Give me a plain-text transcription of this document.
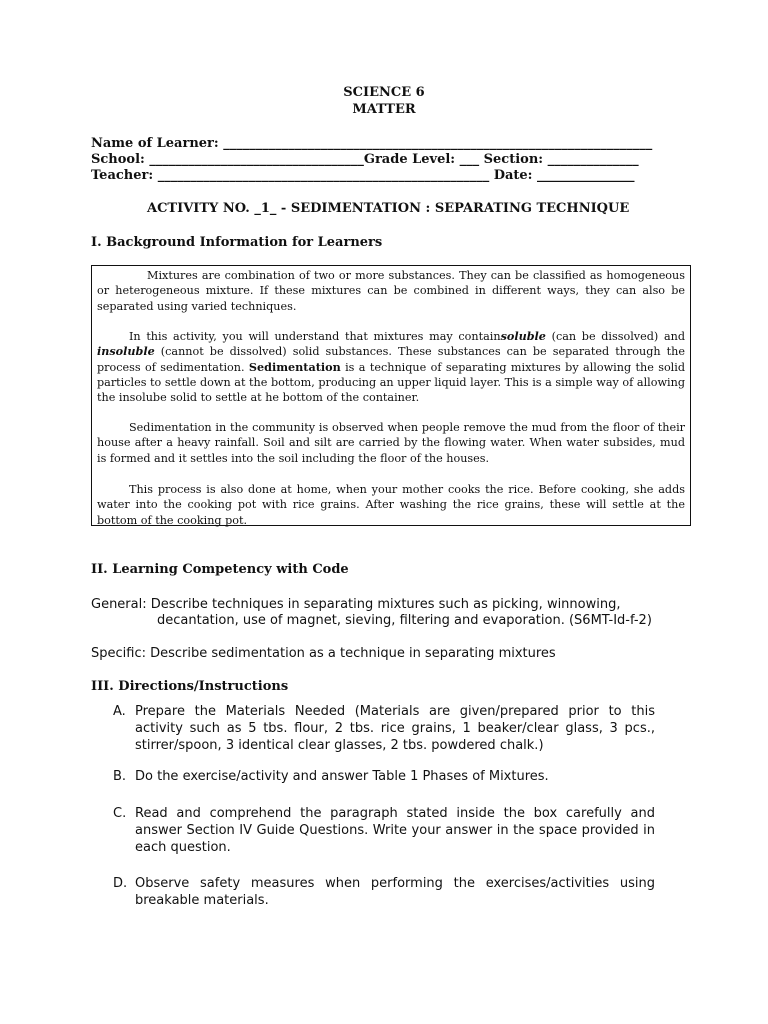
SCIENCE 6
MATTER
Name of Learner: __________________________________________________________________
School: _________________________________Grade Level: ___ Section: ______________
Teacher: ___________________________________________________ Date: _______________
ACTIVITY NO. _1_ - SEDIMENTATION : SEPARATING TECHNIQUE
I. Background Information for Learners
Mixtures are combination of two or more substances. They can be classified as homogeneous or heterogeneous mixture. If these mixtures can be combined in different ways, they can also be separated using varied techniques.
In this activity, you will understand that mixtures may containsoluble (can be dissolved) and insoluble (cannot be dissolved) solid substances. These substances can be separated through the process of sedimentation. Sedimentation is a technique of separating mixtures by allowing the solid particles to settle down at the bottom, producing an upper liquid layer. This is a simple way of allowing the insolube solid to settle at he bottom of the container.
Sedimentation in the community is observed when people remove the mud from the floor of their house after a heavy rainfall. Soil and silt are carried by the flowing water. When water subsides, mud is formed and it settles into the soil including the floor of the houses.
This process is also done at home, when your mother cooks the rice. Before cooking, she adds water into the cooking pot with rice grains. After washing the rice grains, these will settle at the bottom of the cooking pot.
II. Learning Competency with Code
General: Describe techniques in separating mixtures such as picking, winnowing,
decantation, use of magnet, sieving, filtering and evaporation. (S6MT-Id-f-2)
Specific: Describe sedimentation as a technique in separating mixtures
III. Directions/Instructions
A. Prepare the Materials Needed (Materials are given/prepared prior to this activity such as 5 tbs. flour, 2 tbs. rice grains, 1 beaker/clear glass, 3 pcs., stirrer/spoon, 3 identical clear glasses, 2 tbs. powdered chalk.)
B. Do the exercise/activity and answer Table 1 Phases of Mixtures.
C. Read and comprehend the paragraph stated inside the box carefully and answer Section IV Guide Questions. Write your answer in the space provided in each question.
D. Observe safety measures when performing the exercises/activities using breakable materials.
